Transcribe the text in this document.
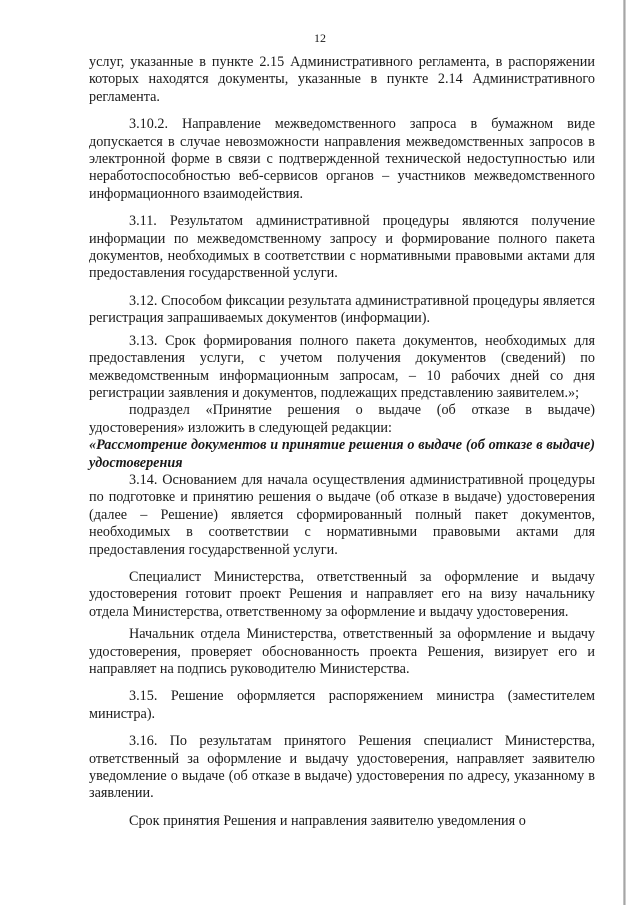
12

услуг, указанные в пункте 2.15 Административного регламента, в распоряжении которых находятся документы, указанные в пункте 2.14 Административного регламента.

3.10.2. Направление межведомственного запроса в бумажном виде допускается в случае невозможности направления межведомственных запросов в электронной форме в связи с подтвержденной технической недоступностью или неработоспособностью веб-сервисов органов – участников межведомственного информационного взаимодействия.

3.11. Результатом административной процедуры являются получение информации по межведомственному запросу и формирование полного пакета документов, необходимых в соответствии с нормативными правовыми актами для предоставления государственной услуги.

3.12. Способом фиксации результата административной процедуры является регистрация запрашиваемых документов (информации).

3.13. Срок формирования полного пакета документов, необходимых для предоставления услуги, с учетом получения документов (сведений) по межведомственным информационным запросам, – 10 рабочих дней со дня регистрации заявления и документов, подлежащих представлению заявителем.»;

подраздел «Принятие решения о выдаче (об отказе в выдаче) удостоверения» изложить в следующей редакции:

«Рассмотрение документов и принятие решения о выдаче (об отказе в выдаче) удостоверения

3.14. Основанием для начала осуществления административной процедуры по подготовке и принятию решения о выдаче (об отказе в выдаче) удостоверения (далее – Решение) является сформированный полный пакет документов, необходимых в соответствии с нормативными правовыми актами для предоставления государственной услуги.

Специалист Министерства, ответственный за оформление и выдачу удостоверения готовит проект Решения и направляет его на визу начальнику отдела Министерства, ответственному за оформление и выдачу удостоверения.

Начальник отдела Министерства, ответственный за оформление и выдачу удостоверения, проверяет обоснованность проекта Решения, визирует его и направляет на подпись руководителю Министерства.

3.15. Решение оформляется распоряжением министра (заместителем министра).

3.16. По результатам принятого Решения специалист Министерства, ответственный за оформление и выдачу удостоверения, направляет заявителю уведомление о выдаче (об отказе в выдаче) удостоверения по адресу, указанному в заявлении.

Срок принятия Решения и направления заявителю уведомления о
